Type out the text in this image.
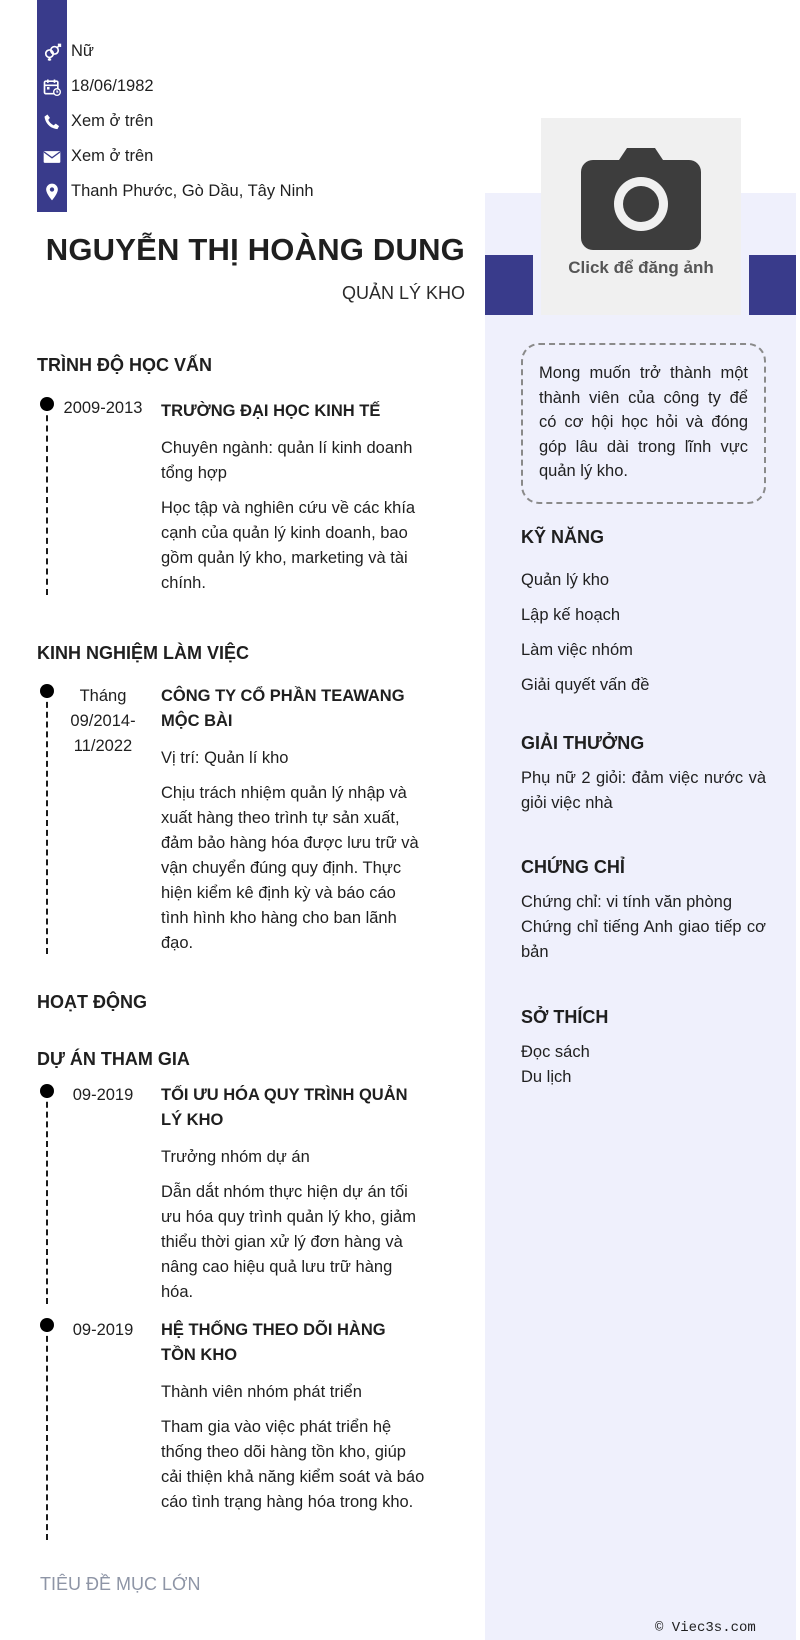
Nữ
18/06/1982
Xem ở trên
Xem ở trên
Thanh Phước, Gò Dầu, Tây Ninh
NGUYỄN THỊ HOÀNG DUNG
QUẢN LÝ KHO
Click để đăng ảnh
TRÌNH ĐỘ HỌC VẤN
2009-2013	TRƯỜNG ĐẠI HỌC KINH TẾ
Chuyên ngành: quản lí kinh doanh tổng hợp
Học tập và nghiên cứu về các khía cạnh của quản lý kinh doanh, bao gồm quản lý kho, marketing và tài chính.
KINH NGHIỆM LÀM VIỆC
Tháng 09/2014- 11/2022
CÔNG TY CỔ PHẦN TEAWANG MỘC BÀI
Vị trí: Quản lí kho
Chịu trách nhiệm quản lý nhập và xuất hàng theo trình tự sản xuất, đảm bảo hàng hóa được lưu trữ và vận chuyển đúng quy định. Thực hiện kiểm kê định kỳ và báo cáo tình hình kho hàng cho ban lãnh đạo.
HOẠT ĐỘNG
DỰ ÁN THAM GIA
09-2019	TỐI ƯU HÓA QUY TRÌNH QUẢN LÝ KHO
Trưởng nhóm dự án
Dẫn dắt nhóm thực hiện dự án tối ưu hóa quy trình quản lý kho, giảm thiểu thời gian xử lý đơn hàng và nâng cao hiệu quả lưu trữ hàng hóa.
09-2019	HỆ THỐNG THEO DÕI HÀNG TỒN KHO
Thành viên nhóm phát triển
Tham gia vào việc phát triển hệ thống theo dõi hàng tồn kho, giúp cải thiện khả năng kiểm soát và báo cáo tình trạng hàng hóa trong kho.
TIÊU ĐỀ MỤC LỚN
Mong muốn trở thành một thành viên của công ty để có cơ hội học hỏi và đóng góp lâu dài trong lĩnh vực quản lý kho.
KỸ NĂNG
Quản lý kho
Lập kế hoạch
Làm việc nhóm
Giải quyết vấn đề
GIẢI THƯỞNG
Phụ nữ 2 giỏi: đảm việc nước và giỏi việc nhà
CHỨNG CHỈ
Chứng chỉ: vi tính văn phòng
Chứng chỉ tiếng Anh giao tiếp cơ bản
SỞ THÍCH
Đọc sách
Du lịch
© Viec3s.com
